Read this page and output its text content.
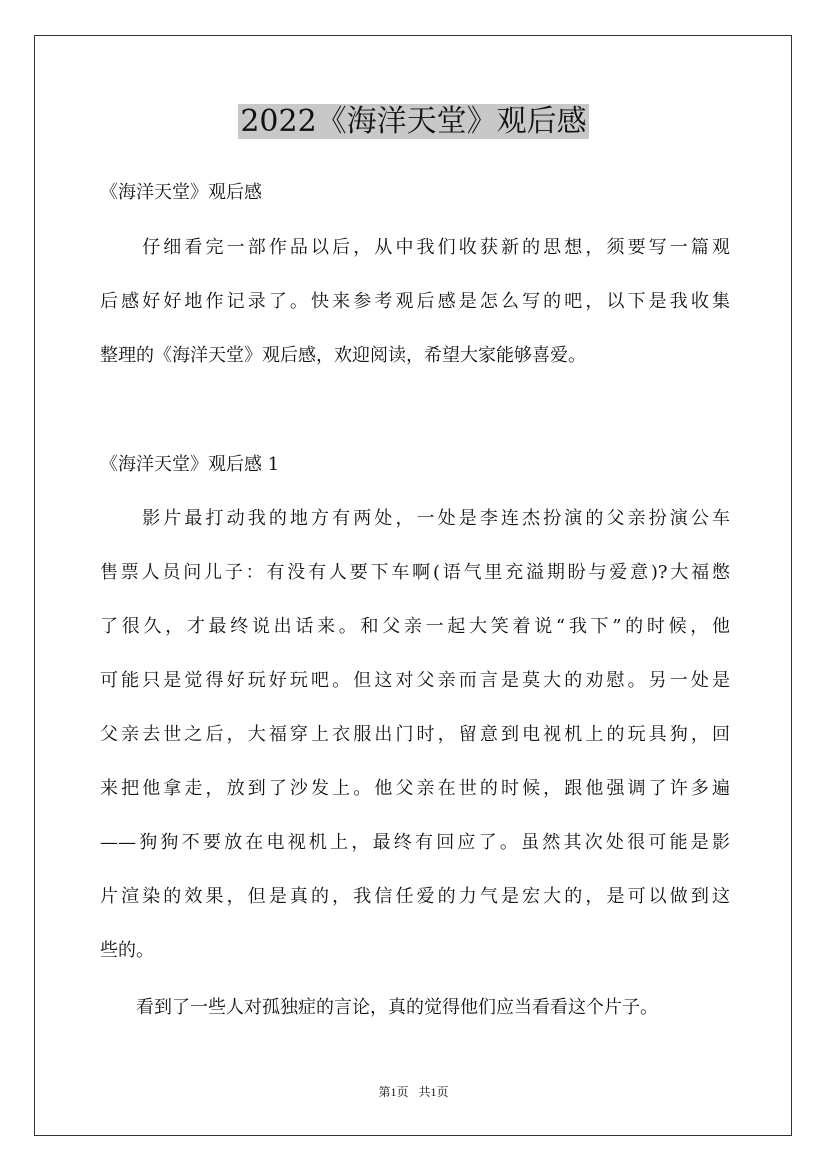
2022《海洋天堂》观后感
《海洋天堂》观后感
　　仔细看完一部作品以后，从中我们收获新的思想，须要写一篇观
后感好好地作记录了。快来参考观后感是怎么写的吧，以下是我收集
整理的《海洋天堂》观后感，欢迎阅读，希望大家能够喜爱。
《海洋天堂》观后感 1
　　影片最打动我的地方有两处，一处是李连杰扮演的父亲扮演公车
售票人员问儿子：有没有人要下车啊(语气里充溢期盼与爱意)?大福憋
了很久，才最终说出话来。和父亲一起大笑着说“我下”的时候，他
可能只是觉得好玩好玩吧。但这对父亲而言是莫大的劝慰。另一处是
父亲去世之后，大福穿上衣服出门时，留意到电视机上的玩具狗，回
来把他拿走，放到了沙发上。他父亲在世的时候，跟他强调了许多遍
——狗狗不要放在电视机上，最终有回应了。虽然其次处很可能是影
片渲染的效果，但是真的，我信任爱的力气是宏大的，是可以做到这
些的。
　　看到了一些人对孤独症的言论，真的觉得他们应当看看这个片子。
第1页 共1页
